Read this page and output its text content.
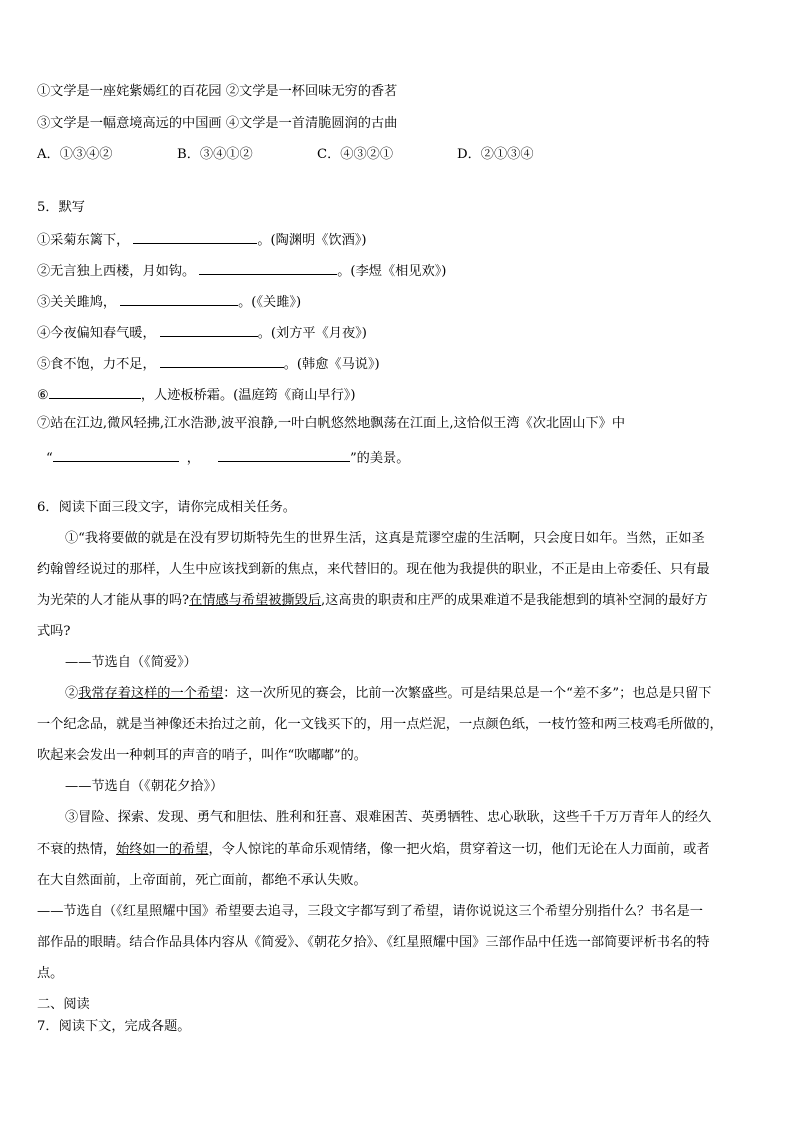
①文学是一座姹紫嫣红的百花园 ②文学是一杯回味无穷的香茗
③文学是一幅意境高远的中国画 ④文学是一首清脆圆润的古曲
A．①③④②	B．③④①②	C．④③②①	D．②①③④
5．默写
①采菊东篱下，	。(陶渊明《饮酒》)
②无言独上西楼，月如钩。	。(李煜《相见欢》)
③关关雎鸠，	。(《关雎》)
④今夜偏知春气暖，	。(刘方平《月夜》)
⑤食不饱，力不足，	。(韩愈《马说》)
⑥	，人迹板桥霜。(温庭筠《商山早行》)
⑦站在江边,微风轻拂,江水浩渺,波平浪静,一叶白帆悠然地飘荡在江面上,这恰似王湾《次北固山下》中
“	，	”的美景。
6．阅读下面三段文字，请你完成相关任务。
①“我将要做的就是在没有罗切斯特先生的世界生活，这真是荒谬空虚的生活啊，只会度日如年。当然，正如圣
约翰曾经说过的那样，人生中应该找到新的焦点，来代替旧的。现在他为我提供的职业，不正是由上帝委任、只有最
为光荣的人才能从事的吗?在情感与希望被撕毁后,这高贵的职责和庄严的成果难道不是我能想到的填补空洞的最好方
式吗?
——节选自（《简爱》）
②我常存着这样的一个希望：这一次所见的赛会，比前一次繁盛些。可是结果总是一个“差不多”；也总是只留下
一个纪念品，就是当神像还未抬过之前，化一文钱买下的，用一点烂泥，一点颜色纸，一枝竹签和两三枝鸡毛所做的，
吹起来会发出一种刺耳的声音的哨子，叫作“吹嘟嘟”的。
——节选自（《朝花夕拾》）
③冒险、探索、发现、勇气和胆怯、胜利和狂喜、艰难困苦、英勇牺牲、忠心耿耿，这些千千万万青年人的经久
不衰的热情，始终如一的希望，令人惊诧的革命乐观情绪，像一把火焰，贯穿着这一切，他们无论在人力面前，或者
在大自然面前，上帝面前，死亡面前，都绝不承认失败。
——节选自（《红星照耀中国》希望要去追寻，三段文字都写到了希望，请你说说这三个希望分别指什么？书名是一
部作品的眼睛。结合作品具体内容从《简爱》、《朝花夕拾》、《红星照耀中国》三部作品中任选一部简要评析书名的特
点。
二、阅读
7．阅读下文，完成各题。
